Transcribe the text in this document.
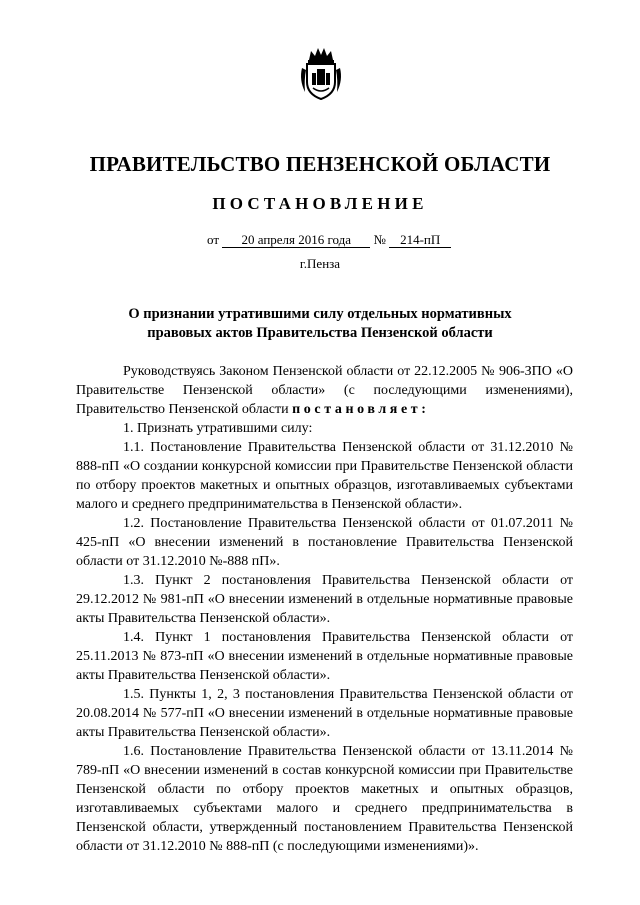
ПРАВИТЕЛЬСТВО ПЕНЗЕНСКОЙ ОБЛАСТИ
ПОСТАНОВЛЕНИЕ
от 20 апреля 2016 года № 214-пП
г.Пенза
О признании утратившими силу отдельных нормативных
правовых актов Правительства Пензенской области

Руководствуясь Законом Пензенской области от 22.12.2005 № 906-ЗПО «О Правительстве Пензенской области» (с последующими изменениями), Правительство Пензенской области постановляет:

1. Признать утратившими силу:

1.1. Постановление Правительства Пензенской области от 31.12.2010 № 888-пП «О создании конкурсной комиссии при Правительстве Пензенской области по отбору проектов макетных и опытных образцов, изготавливаемых субъектами малого и среднего предпринимательства в Пензенской области».

1.2. Постановление Правительства Пензенской области от 01.07.2011 № 425-пП «О внесении изменений в постановление Правительства Пензенской области от 31.12.2010 №-888 пП».

1.3. Пункт 2 постановления Правительства Пензенской области от 29.12.2012 № 981-пП «О внесении изменений в отдельные нормативные правовые акты Правительства Пензенской области».

1.4. Пункт 1 постановления Правительства Пензенской области от 25.11.2013 № 873-пП «О внесении изменений в отдельные нормативные правовые акты Правительства Пензенской области».

1.5. Пункты 1, 2, 3 постановления Правительства Пензенской области от 20.08.2014 № 577-пП «О внесении изменений в отдельные нормативные правовые акты Правительства Пензенской области».

1.6. Постановление Правительства Пензенской области от 13.11.2014 № 789-пП «О внесении изменений в состав конкурсной комиссии при Правительстве Пензенской области по отбору проектов макетных и опытных образцов, изготавливаемых субъектами малого и среднего предпринимательства в Пензенской области, утвержденный постановлением Правительства Пензенской области от 31.12.2010 № 888-пП (с последующими изменениями)».
